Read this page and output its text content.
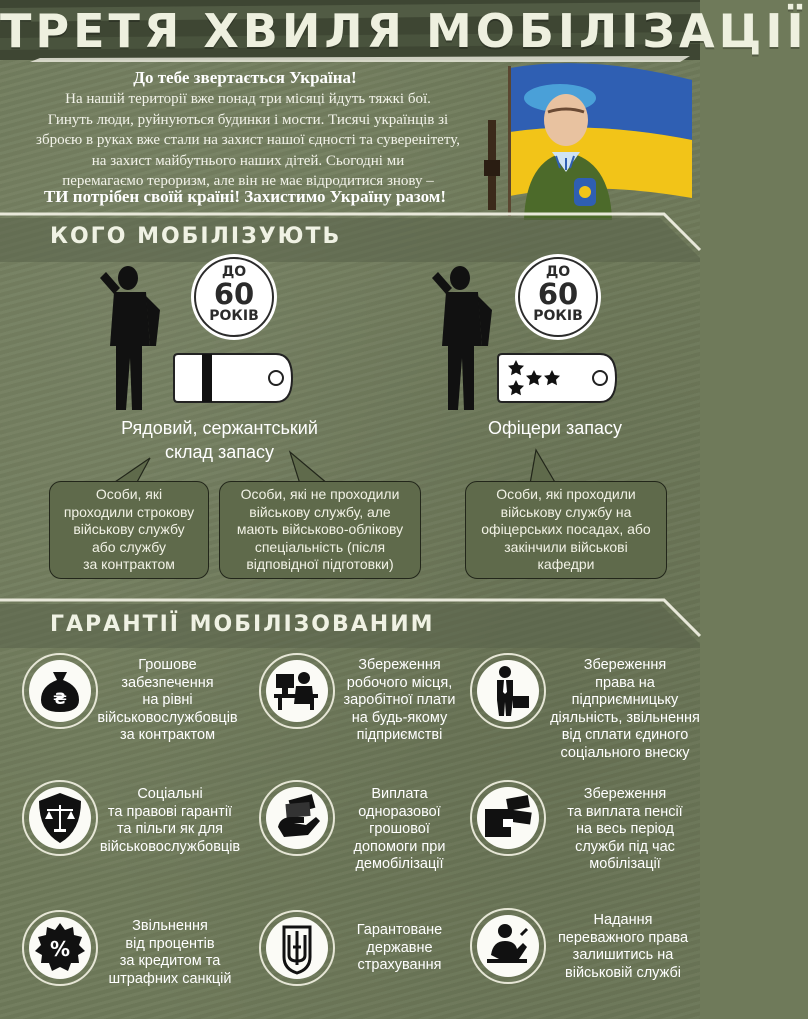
ТРЕТЯ ХВИЛЯ МОБІЛІЗАЦІЇ
До тебе звертається Україна!
На нашій території вже понад три місяці йдуть тяжкі бої.
Гинуть люди, руйнуються будинки і мости. Тисячі українців зі
зброєю в руках вже стали на захист нашої єдності та суверенітету,
на захист майбутнього наших дітей. Сьогодні ми
перемагаємо тероризм, але він не має відродитися знову –
ТИ потрібен своїй країні! Захистимо Україну разом!
КОГО МОБІЛІЗУЮТЬ
ДО
60
РОКІВ
Рядовий, сержантський
склад запасу
ДО
60
РОКІВ
Офіцери запасу
Особи, які
проходили строкову
військову службу
або службу
за контрактом
Особи, які не проходили
військову службу, але
мають військово-облікову
спеціальність (після
відповідної підготовки)
Особи, які проходили
військову службу на
офіцерських посадах, або
закінчили військові
кафедри
ГАРАНТІЇ МОБІЛІЗОВАНИМ
₴
Грошове
забезпечення
на рівні
військовослужбовців
за контрактом
Збереження
робочого місця,
заробітної плати
на будь-якому
підприємстві
Збереження
права на
підприємницьку
діяльність, звільнення
від сплати єдиного
соціального внеску
Соціальні
та правові гарантії
та пільги як для
військовослужбовців
Виплата
одноразової
грошової
допомоги при
демобілізації
Збереження
та виплата пенсії
на весь період
служби під час
мобілізації
%
Звільнення
від процентів
за кредитом та
штрафних санкцій
Гарантоване
державне
страхування
Надання
переважного права
залишитись на
військовій службі
